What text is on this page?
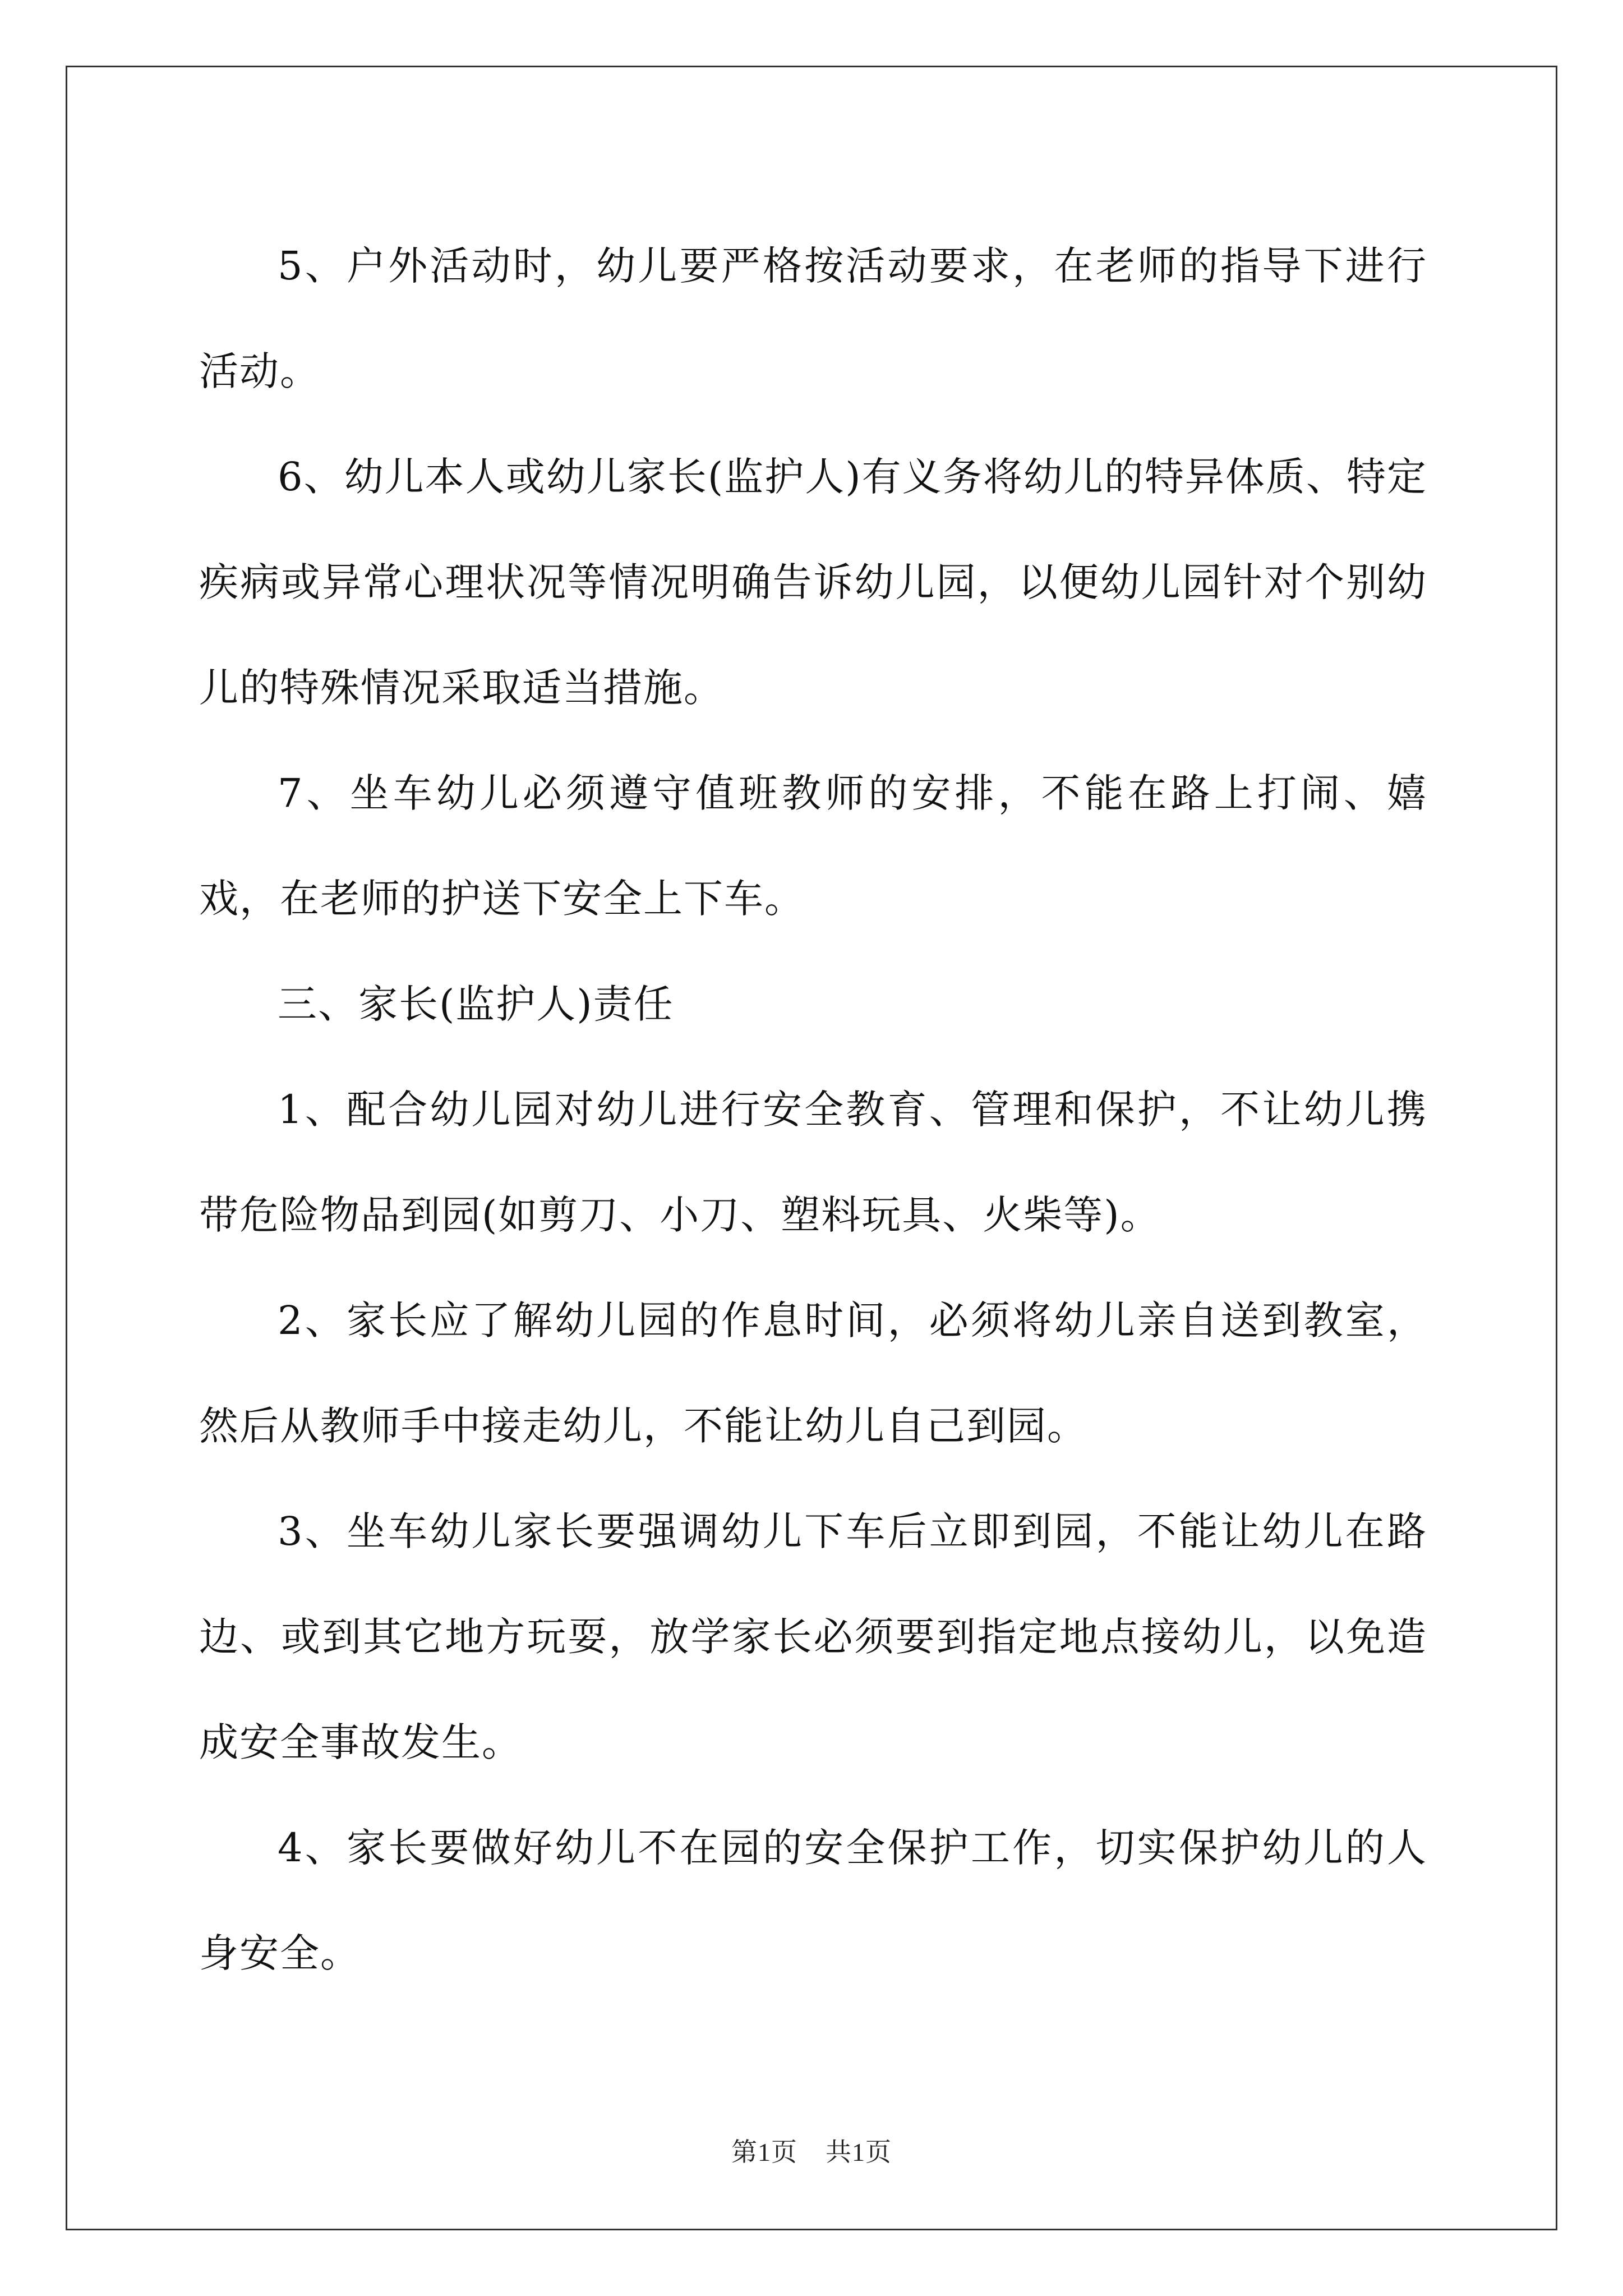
5、户外活动时，幼儿要严格按活动要求，在老师的指导下进行活动。

6、幼儿本人或幼儿家长(监护人)有义务将幼儿的特异体质、特定疾病或异常心理状况等情况明确告诉幼儿园，以便幼儿园针对个别幼儿的特殊情况采取适当措施。

7、坐车幼儿必须遵守值班教师的安排，不能在路上打闹、嬉戏，在老师的护送下安全上下车。

三、家长(监护人)责任

1、配合幼儿园对幼儿进行安全教育、管理和保护，不让幼儿携带危险物品到园(如剪刀、小刀、塑料玩具、火柴等)。

2、家长应了解幼儿园的作息时间，必须将幼儿亲自送到教室，然后从教师手中接走幼儿，不能让幼儿自己到园。

3、坐车幼儿家长要强调幼儿下车后立即到园，不能让幼儿在路边、或到其它地方玩耍，放学家长必须要到指定地点接幼儿，以免造成安全事故发生。

4、家长要做好幼儿不在园的安全保护工作，切实保护幼儿的人身安全。

第1页 共1页
